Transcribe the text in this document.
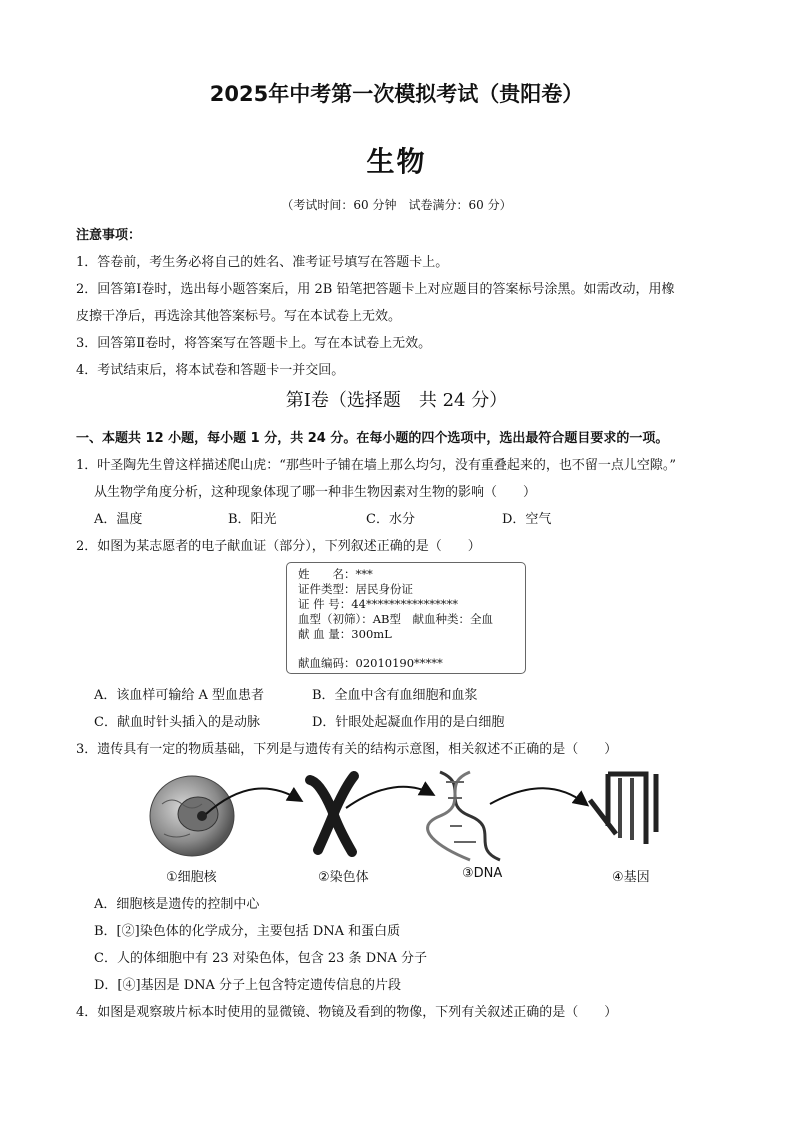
2025年中考第一次模拟考试（贵阳卷）
生物
（考试时间：60 分钟　试卷满分：60 分）
注意事项：
1．答卷前，考生务必将自己的姓名、准考证号填写在答题卡上。
2．回答第Ⅰ卷时，选出每小题答案后，用 2B 铅笔把答题卡上对应题目的答案标号涂黑。如需改动，用橡
皮擦干净后，再选涂其他答案标号。写在本试卷上无效。
3．回答第Ⅱ卷时，将答案写在答题卡上。写在本试卷上无效。
4．考试结束后，将本试卷和答题卡一并交回。
第Ⅰ卷（选择题　共 24 分）
一、本题共 12 小题，每小题 1 分，共 24 分。在每小题的四个选项中，选出最符合题目要求的一项。
1．叶圣陶先生曾这样描述爬山虎：“那些叶子铺在墙上那么均匀，没有重叠起来的，也不留一点儿空隙。”
从生物学角度分析，这种现象体现了哪一种非生物因素对生物的影响（　　）
A．温度	B．阳光	C．水分	D．空气
2．如图为某志愿者的电子献血证（部分），下列叙述正确的是（　　）
姓　　名：***
证件类型：居民身份证
证 件 号：44****************
血型（初筛）：AB型　献血种类：全血
献 血 量：300mL
献血编码：02010190*****
A．该血样可输给 A 型血患者	B．全血中含有血细胞和血浆
C．献血时针头插入的是动脉	D．针眼处起凝血作用的是白细胞
3．遗传具有一定的物质基础，下列是与遗传有关的结构示意图，相关叙述不正确的是（　　）
①细胞核	②染色体	③DNA	④基因
A．细胞核是遗传的控制中心
B．[②]染色体的化学成分，主要包括 DNA 和蛋白质
C．人的体细胞中有 23 对染色体，包含 23 条 DNA 分子
D．[④]基因是 DNA 分子上包含特定遗传信息的片段
4．如图是观察玻片标本时使用的显微镜、物镜及看到的物像，下列有关叙述正确的是（　　）
